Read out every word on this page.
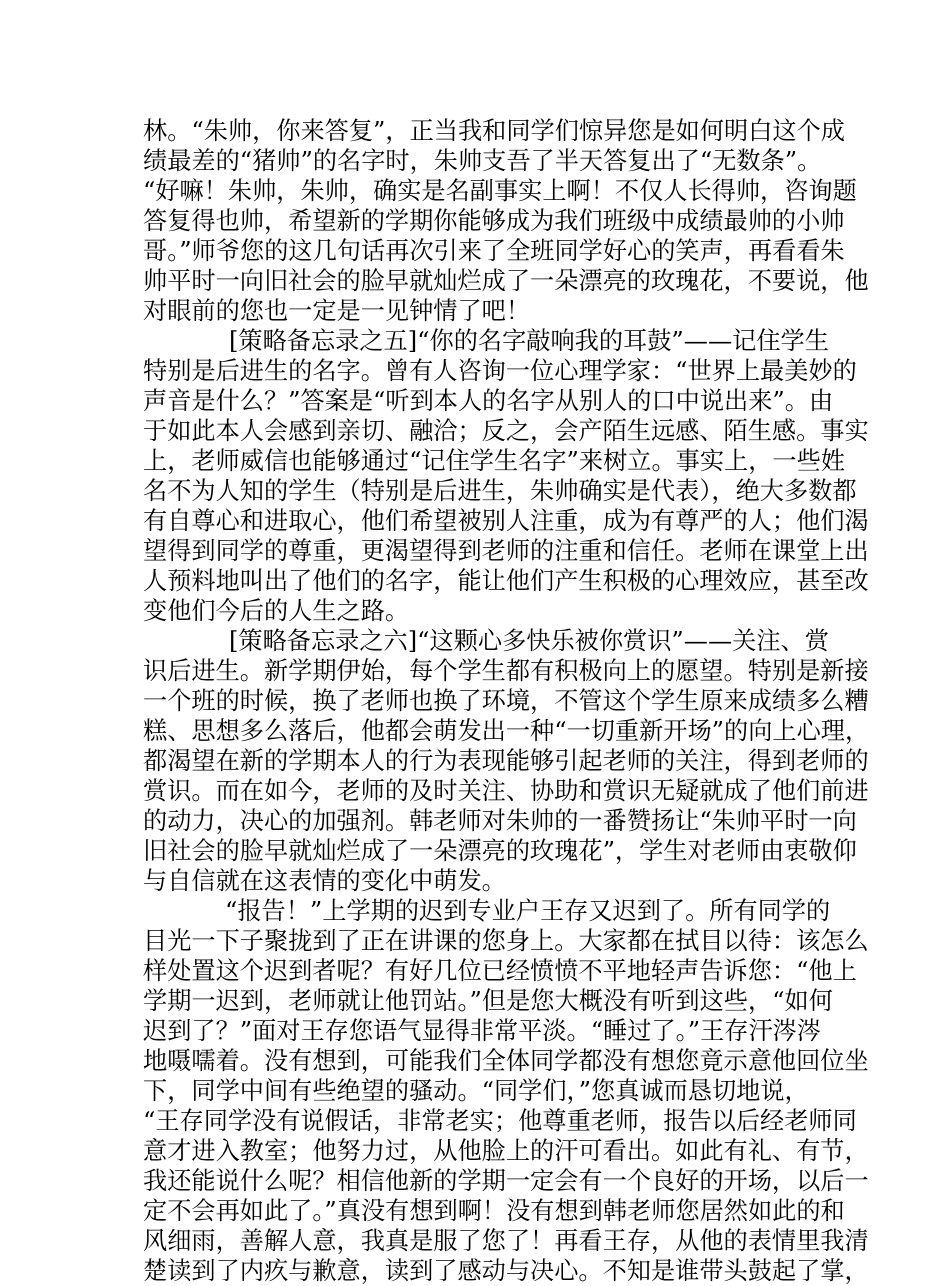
林。“朱帅，你来答复”，正当我和同学们惊异您是如何明白这个成
绩最差的“猪帅”的名字时，朱帅支吾了半天答复出了“无数条”。
“好嘛！朱帅，朱帅，确实是名副事实上啊！不仅人长得帅，咨询题
答复得也帅，希望新的学期你能够成为我们班级中成绩最帅的小帅
哥。”师爷您的这几句话再次引来了全班同学好心的笑声，再看看朱
帅平时一向旧社会的脸早就灿烂成了一朵漂亮的玫瑰花，不要说，他
对眼前的您也一定是一见钟情了吧！
[策略备忘录之五]“你的名字敲响我的耳鼓”——记住学生
特别是后进生的名字。曾有人咨询一位心理学家：“世界上最美妙的
声音是什么？”答案是“听到本人的名字从别人的口中说出来”。由
于如此本人会感到亲切、融洽；反之，会产陌生远感、陌生感。事实
上，老师威信也能够通过“记住学生名字”来树立。事实上，一些姓
名不为人知的学生（特别是后进生，朱帅确实是代表），绝大多数都
有自尊心和进取心，他们希望被别人注重，成为有尊严的人；他们渴
望得到同学的尊重，更渴望得到老师的注重和信任。老师在课堂上出
人预料地叫出了他们的名字，能让他们产生积极的心理效应，甚至改
变他们今后的人生之路。
[策略备忘录之六]“这颗心多快乐被你赏识”——关注、赏
识后进生。新学期伊始，每个学生都有积极向上的愿望。特别是新接
一个班的时候，换了老师也换了环境，不管这个学生原来成绩多么糟
糕、思想多么落后，他都会萌发出一种“一切重新开场”的向上心理，
都渴望在新的学期本人的行为表现能够引起老师的关注，得到老师的
赏识。而在如今，老师的及时关注、协助和赏识无疑就成了他们前进
的动力，决心的加强剂。韩老师对朱帅的一番赞扬让“朱帅平时一向
旧社会的脸早就灿烂成了一朵漂亮的玫瑰花”，学生对老师由衷敬仰
与自信就在这表情的变化中萌发。
“报告！”上学期的迟到专业户王存又迟到了。所有同学的
目光一下子聚拢到了正在讲课的您身上。大家都在拭目以待：该怎么
样处置这个迟到者呢？有好几位已经愤愤不平地轻声告诉您：“他上
学期一迟到，老师就让他罚站。”但是您大概没有听到这些，“如何
迟到了？”面对王存您语气显得非常平淡。“睡过了。”王存汗涔涔
地嗫嚅着。没有想到，可能我们全体同学都没有想您竟示意他回位坐
下，同学中间有些绝望的骚动。“同学们，”您真诚而恳切地说，
“王存同学没有说假话，非常老实；他尊重老师，报告以后经老师同
意才进入教室；他努力过，从他脸上的汗可看出。如此有礼、有节，
我还能说什么呢？相信他新的学期一定会有一个良好的开场，以后一
定不会再如此了。”真没有想到啊！没有想到韩老师您居然如此的和
风细雨，善解人意，我真是服了您了！再看王存，从他的表情里我清
楚读到了内疚与歉意，读到了感动与决心。不知是谁带头鼓起了掌，
